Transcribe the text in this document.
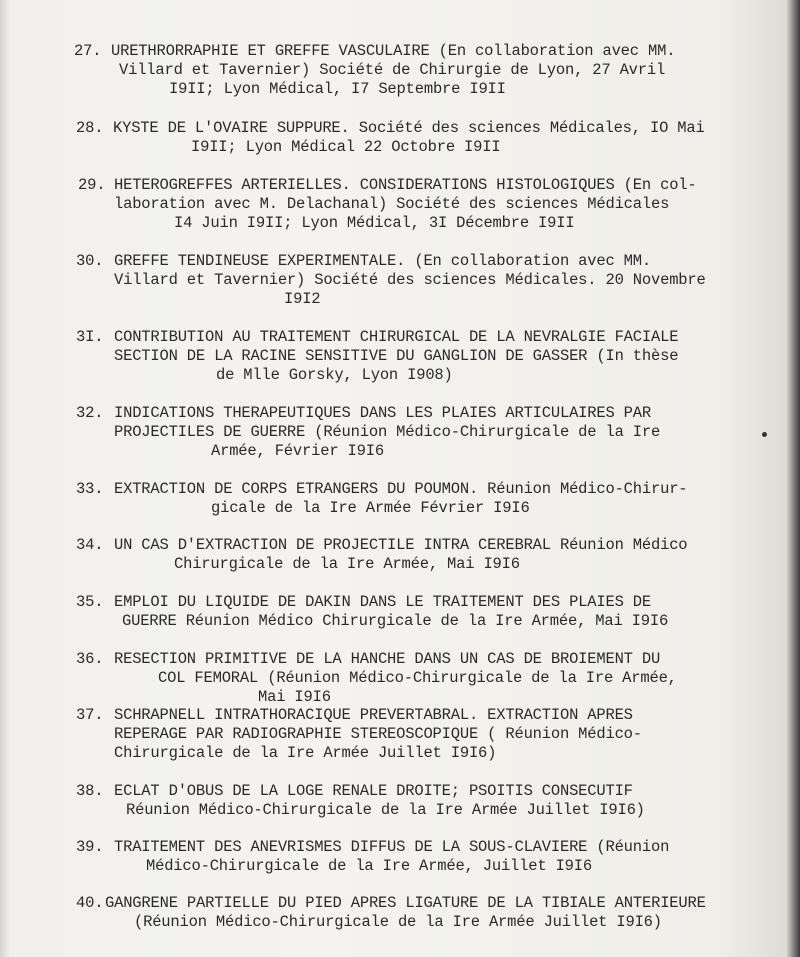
27. URETHRORRAPHIE ET GREFFE VASCULAIRE (En collaboration avec MM.
Villard et Tavernier) Société de Chirurgie de Lyon, 27 Avril
I9II; Lyon Médical, I7 Septembre I9II
28. KYSTE DE L'OVAIRE SUPPURE. Société des sciences Médicales, IO Mai
I9II; Lyon Médical 22 Octobre I9II
29. HETEROGREFFES ARTERIELLES. CONSIDERATIONS HISTOLOGIQUES (En col-
laboration avec M. Delachanal) Société des sciences Médicales
I4 Juin I9II; Lyon Médical, 3I Décembre I9II
30. GREFFE TENDINEUSE EXPERIMENTALE. (En collaboration avec MM.
Villard et Tavernier) Société des sciences Médicales. 20 Novembre
I9I2
3I. CONTRIBUTION AU TRAITEMENT CHIRURGICAL DE LA NEVRALGIE FACIALE
SECTION DE LA RACINE SENSITIVE DU GANGLION DE GASSER (In thèse
de Mlle Gorsky, Lyon I908)
32. INDICATIONS THERAPEUTIQUES DANS LES PLAIES ARTICULAIRES PAR
PROJECTILES DE GUERRE (Réunion Médico-Chirurgicale de la Ire
Armée, Février I9I6
33. EXTRACTION DE CORPS ETRANGERS DU POUMON. Réunion Médico-Chirur-
gicale de la Ire Armée Février I9I6
34. UN CAS D'EXTRACTION DE PROJECTILE INTRA CEREBRAL Réunion Médico
Chirurgicale de la Ire Armée, Mai I9I6
35. EMPLOI DU LIQUIDE DE DAKIN DANS LE TRAITEMENT DES PLAIES DE
GUERRE Réunion Médico Chirurgicale de la Ire Armée, Mai I9I6
36. RESECTION PRIMITIVE DE LA HANCHE DANS UN CAS DE BROIEMENT DU
COL FEMORAL (Réunion Médico-Chirurgicale de la Ire Armée,
Mai I9I6
37. SCHRAPNELL INTRATHORACIQUE PREVERTABRAL. EXTRACTION APRES
REPERAGE PAR RADIOGRAPHIE STEREOSCOPIQUE ( Réunion Médico-
Chirurgicale de la Ire Armée Juillet I9I6)
38. ECLAT D'OBUS DE LA LOGE RENALE DROITE; PSOITIS CONSECUTIF
Réunion Médico-Chirurgicale de la Ire Armée Juillet I9I6)
39. TRAITEMENT DES ANEVRISMES DIFFUS DE LA SOUS-CLAVIERE (Réunion
Médico-Chirurgicale de la Ire Armée, Juillet I9I6
40. GANGRENE PARTIELLE DU PIED APRES LIGATURE DE LA TIBIALE ANTERIEURE
(Réunion Médico-Chirurgicale de la Ire Armée Juillet I9I6)
